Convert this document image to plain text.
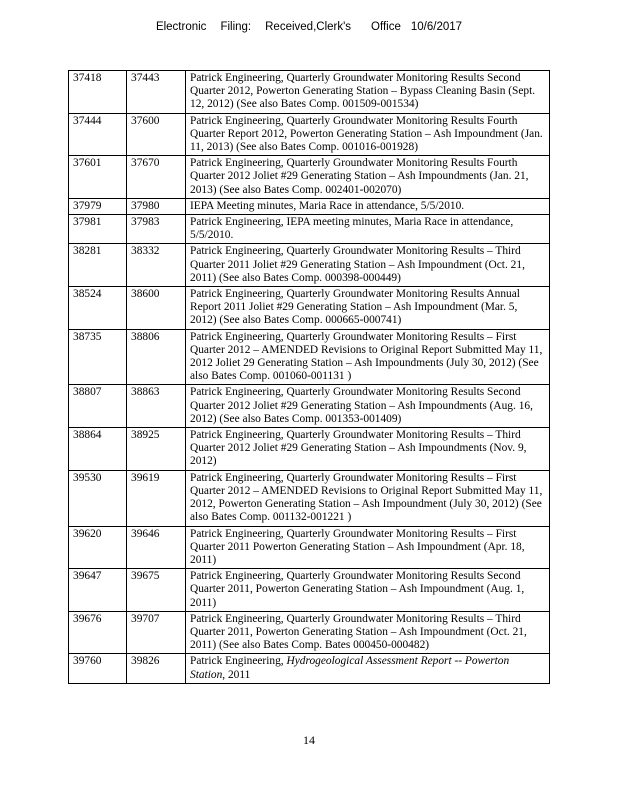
Electronic Filing: Received,Clerk's Office 10/6/2017
37418	37443	Patrick Engineering, Quarterly Groundwater Monitoring Results Second Quarter 2012, Powerton Generating Station – Bypass Cleaning Basin (Sept. 12, 2012) (See also Bates Comp. 001509-001534)
37444	37600	Patrick Engineering, Quarterly Groundwater Monitoring Results Fourth Quarter Report 2012, Powerton Generating Station – Ash Impoundment (Jan. 11, 2013) (See also Bates Comp. 001016-001928)
37601	37670	Patrick Engineering, Quarterly Groundwater Monitoring Results Fourth Quarter 2012 Joliet #29 Generating Station – Ash Impoundments (Jan. 21, 2013) (See also Bates Comp. 002401-002070)
37979	37980	IEPA Meeting minutes, Maria Race in attendance, 5/5/2010.
37981	37983	Patrick Engineering, IEPA meeting minutes, Maria Race in attendance, 5/5/2010.
38281	38332	Patrick Engineering, Quarterly Groundwater Monitoring Results – Third Quarter 2011 Joliet #29 Generating Station – Ash Impoundment (Oct. 21, 2011) (See also Bates Comp. 000398-000449)
38524	38600	Patrick Engineering, Quarterly Groundwater Monitoring Results Annual Report 2011 Joliet #29 Generating Station – Ash Impoundment (Mar. 5, 2012) (See also Bates Comp. 000665-000741)
38735	38806	Patrick Engineering, Quarterly Groundwater Monitoring Results – First Quarter 2012 – AMENDED Revisions to Original Report Submitted May 11, 2012 Joliet 29 Generating Station – Ash Impoundments (July 30, 2012) (See also Bates Comp. 001060-001131 )
38807	38863	Patrick Engineering, Quarterly Groundwater Monitoring Results Second Quarter 2012 Joliet #29 Generating Station – Ash Impoundments (Aug. 16, 2012) (See also Bates Comp. 001353-001409)
38864	38925	Patrick Engineering, Quarterly Groundwater Monitoring Results – Third Quarter 2012 Joliet #29 Generating Station – Ash Impoundments (Nov. 9, 2012)
39530	39619	Patrick Engineering, Quarterly Groundwater Monitoring Results – First Quarter 2012 – AMENDED Revisions to Original Report Submitted May 11, 2012, Powerton Generating Station – Ash Impoundment (July 30, 2012) (See also Bates Comp. 001132-001221 )
39620	39646	Patrick Engineering, Quarterly Groundwater Monitoring Results – First Quarter 2011 Powerton Generating Station – Ash Impoundment (Apr. 18, 2011)
39647	39675	Patrick Engineering, Quarterly Groundwater Monitoring Results Second Quarter 2011, Powerton Generating Station – Ash Impoundment (Aug. 1, 2011)
39676	39707	Patrick Engineering, Quarterly Groundwater Monitoring Results – Third Quarter 2011, Powerton Generating Station – Ash Impoundment (Oct. 21, 2011) (See also Bates Comp. Bates 000450-000482)
39760	39826	Patrick Engineering, Hydrogeological Assessment Report -- Powerton Station, 2011
14
